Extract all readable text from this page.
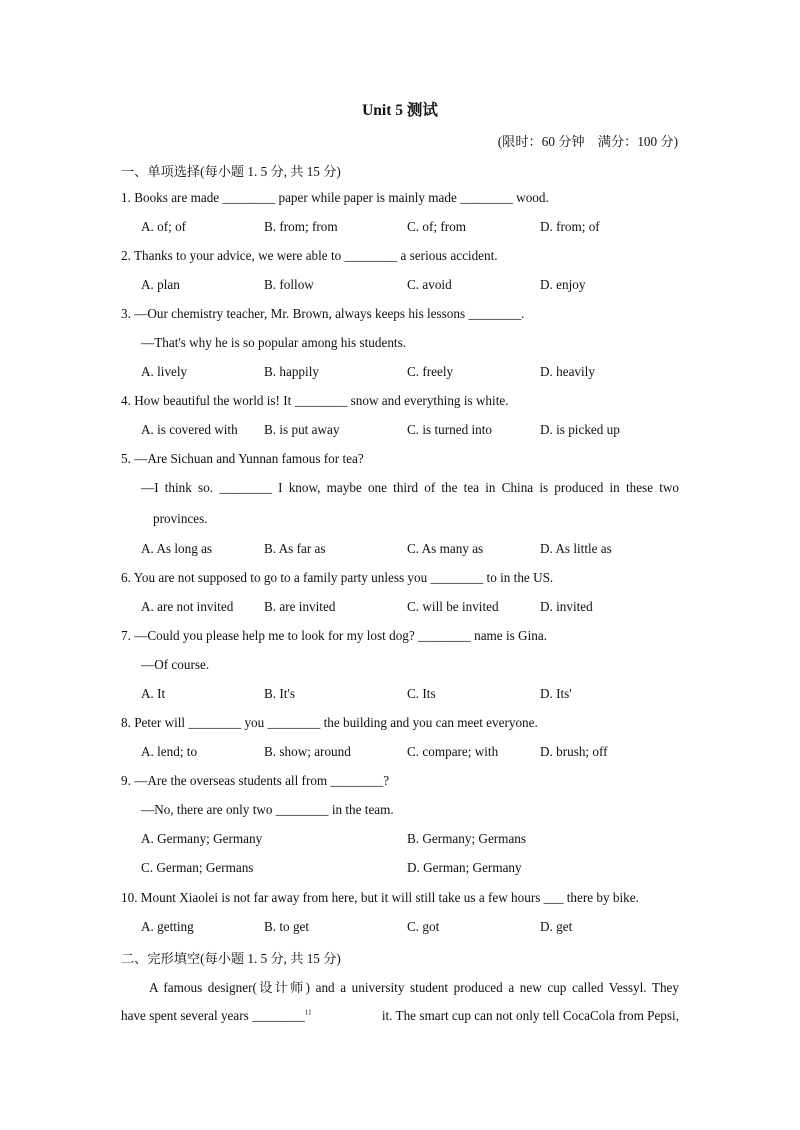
Unit 5 测试
(限时：60 分钟　满分：100 分)
一、单项选择(每小题 1. 5 分, 共 15 分)
1. Books are made ________ paper while paper is mainly made ________ wood.
A. of; of	B. from; from	C. of; from	D. from; of
2. Thanks to your advice, we were able to ________ a serious accident.
A. plan	B. follow	C. avoid	D. enjoy
3. —Our chemistry teacher, Mr. Brown, always keeps his lessons ________.
—That's why he is so popular among his students.
A. lively	B. happily	C. freely	D. heavily
4. How beautiful the world is! It ________ snow and everything is white.
A. is covered with B. is put away	C. is turned into	D. is picked up
5. —Are Sichuan and Yunnan famous for tea?
—I think so. ________ I know, maybe one third of the tea in China is produced in these two
provinces.
A. As long as	B. As far as	C. As many as	D. As little as
6. You are not supposed to go to a family party unless you ________ to in the US.
A. are not invited B. are invited	C. will be invited	D. invited
7. —Could you please help me to look for my lost dog? ________ name is Gina.
—Of course.
A. It	B. It's	C. Its	D. Its'
8. Peter will ________ you ________ the building and you can meet everyone.
A. lend; to	B. show; around	C. compare; with	D. brush; off
9. —Are the overseas students all from ________?
—No, there are only two ________ in the team.
A. Germany; Germany	B. Germany; Germans
C. German; Germans	D. German; Germany
10. Mount Xiaolei is not far away from here, but it will still take us a few hours ___ there by bike.
A. getting	B. to get	C. got	D. get
二、完形填空(每小题 1. 5 分, 共 15 分)
A famous designer(设计师) and a university student produced a new cup called Vessyl. They
have spent several years ________$^{11}$	it. The smart cup can not only tell CocaCola from Pepsi,
